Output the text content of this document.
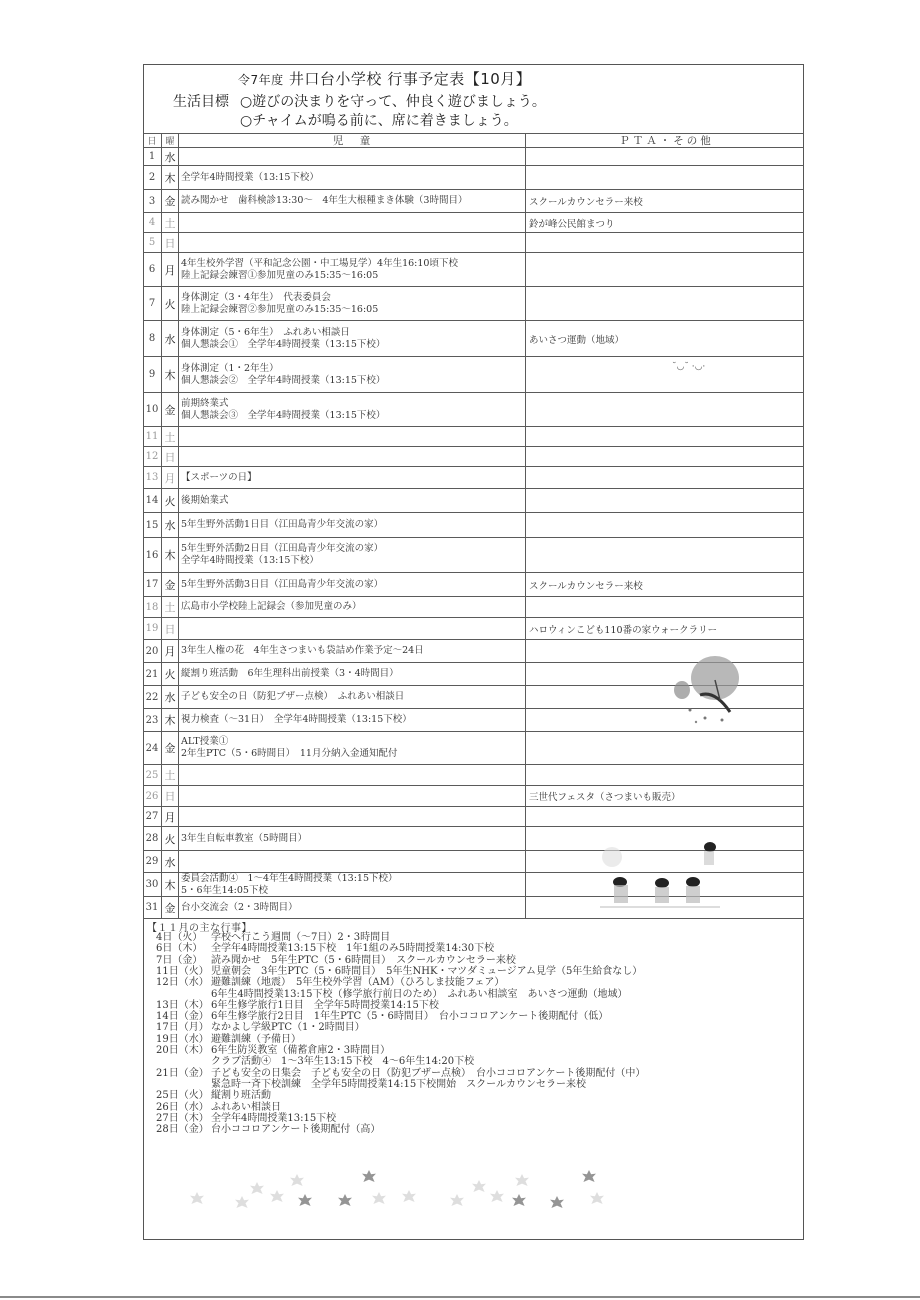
令7年度 井口台小学校 行事予定表【10月】
生活目標 ○遊びの決まりを守って、仲良く遊びましょう。
○チャイムが鳴る前に、席に着きましょう。
日 曜	児　童	ＰＴＡ・その他
1 水
2 木 全学年4時間授業（13:15下校）
3 金 読み聞かせ　歯科検診13:30～　4年生大根種まき体験（3時間目）	スクールカウンセラー来校
4 土	鈴が峰公民館まつり
5 日
6 月
4年生校外学習（平和記念公園・中工場見学）4年生16:10頃下校
陸上記録会練習①参加児童のみ15:35～16:05
7 火
身体測定（3・4年生）　代表委員会
陸上記録会練習②参加児童のみ15:35～16:05
8 水
身体測定（5・6年生）　ふれあい相談日
個人懇談会①　全学年4時間授業（13:15下校）	あいさつ運動（地域）
9 木
身体測定（1・2年生）
個人懇談会②　全学年4時間授業（13:15下校）
10 金
前期終業式
個人懇談会③　全学年4時間授業（13:15下校）
11 土
12 日
13 月 【スポーツの日】
14 火 後期始業式
15 水 5年生野外活動1日目（江田島青少年交流の家）
16 木
5年生野外活動2日目（江田島青少年交流の家）
全学年4時間授業（13:15下校）
17 金 5年生野外活動3日目（江田島青少年交流の家）	スクールカウンセラー来校
18 土 広島市小学校陸上記録会（参加児童のみ）
19 日	ハロウィンこども110番の家ウォークラリー
20 月 3年生人権の花　4年生さつまいも袋詰め作業予定～24日
21 火 縦割り班活動　6年生理科出前授業（3・4時間目）
22 水 子ども安全の日（防犯ブザー点検）　ふれあい相談日
23 木 視力検査（～31日）　全学年4時間授業（13:15下校）
24 金
ALT授業①
2年生PTC（5・6時間目）　11月分納入金通知配付
25 土
26 日	三世代フェスタ（さつまいも販売）
27 月
28 火 3年生自転車教室（5時間目）
29 水
30 木
委員会活動④　1～4年生4時間授業（13:15下校）
5・6年生14:05下校
31 金 台小交流会（2・3時間目）
˘◡˘ ·◡·
【１１月の主な行事】
4日（火） 学校へ行こう週間（～7日）2・3時間目
6日（木） 全学年4時間授業13:15下校　1年1組のみ5時間授業14:30下校
7日（金） 読み聞かせ　5年生PTC（5・6時間目）　スクールカウンセラー来校
11日（火） 児童朝会　3年生PTC（5・6時間目）　5年生NHK・マツダミュージアム見学（5年生給食なし）
12日（水） 避難訓練（地震）　5年生校外学習（AM）（ひろしま技能フェア）
6年生4時間授業13:15下校（修学旅行前日のため）　ふれあい相談室　あいさつ運動（地域）
13日（木） 6年生修学旅行1日目　全学年5時間授業14:15下校
14日（金） 6年生修学旅行2日目　1年生PTC（5・6時間目）　台小ココロアンケート後期配付（低）
17日（月） なかよし学級PTC（1・2時間目）
19日（水） 避難訓練（予備日）
20日（木） 6年生防災教室（備蓄倉庫2・3時間目）
クラブ活動④　1～3年生13:15下校　4～6年生14:20下校
21日（金） 子ども安全の日集会　子ども安全の日（防犯ブザー点検）　台小ココロアンケート後期配付（中）
緊急時一斉下校訓練　全学年5時間授業14:15下校開始　スクールカウンセラー来校
25日（火） 縦割り班活動
26日（水） ふれあい相談日
27日（木） 全学年4時間授業13:15下校
28日（金） 台小ココロアンケート後期配付（高）
